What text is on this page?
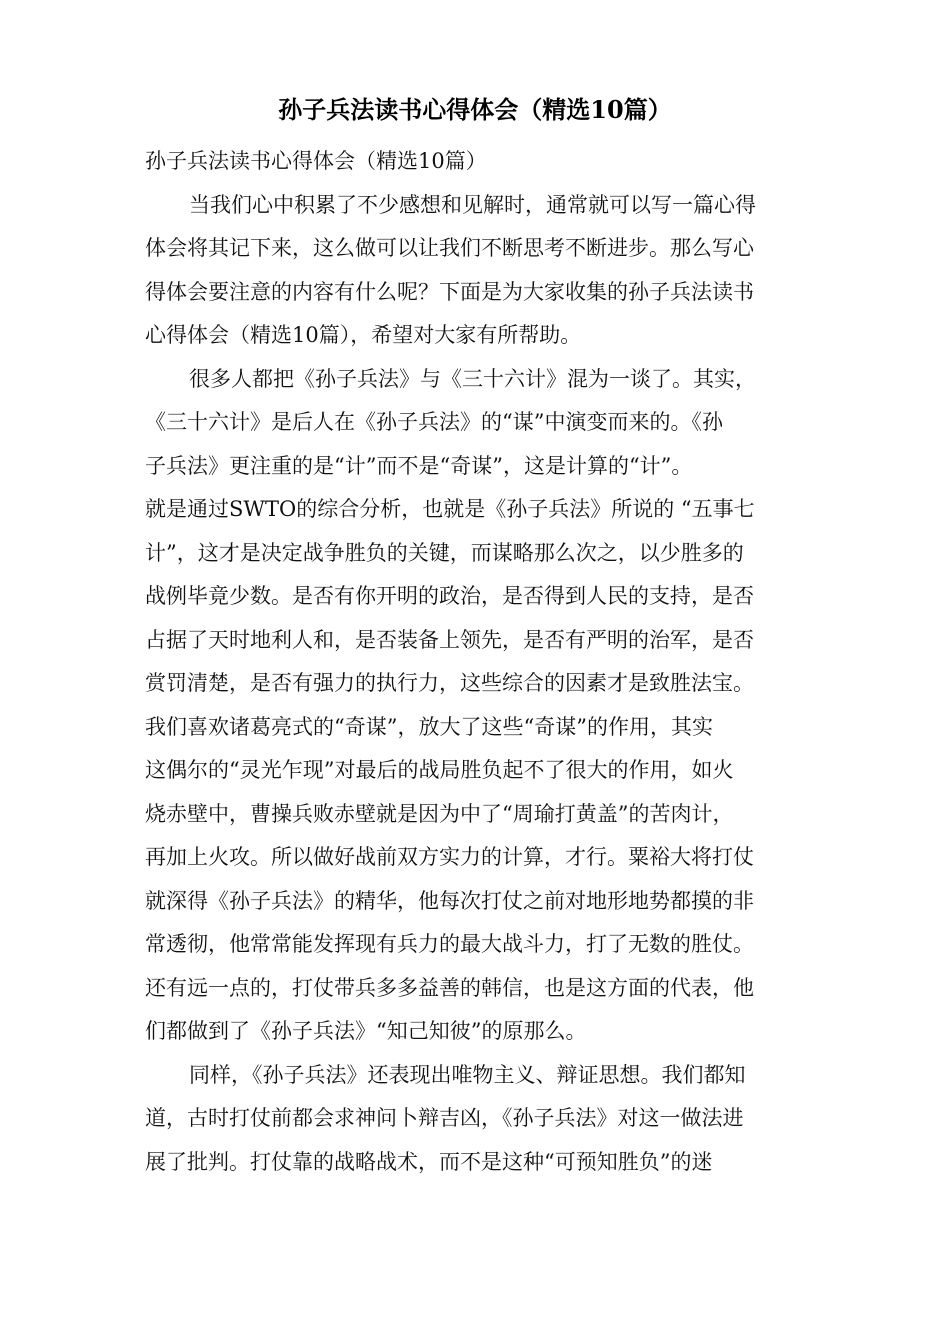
孙子兵法读书心得体会（精选10篇）

孙子兵法读书心得体会（精选10篇）

当我们心中积累了不少感想和见解时，通常就可以写一篇心得
体会将其记下来，这么做可以让我们不断思考不断进步。那么写心
得体会要注意的内容有什么呢？下面是为大家收集的孙子兵法读书
心得体会（精选10篇），希望对大家有所帮助。

很多人都把《孙子兵法》与《三十六计》混为一谈了。其实，
《三十六计》是后人在《孙子兵法》的“谋”中演变而来的。《孙
子兵法》更注重的是“计”而不是“奇谋”，这是计算的“计”。
就是通过SWTO的综合分析，也就是《孙子兵法》所说的 “五事七
计”，这才是决定战争胜负的关键，而谋略那么次之，以少胜多的
战例毕竟少数。是否有你开明的政治，是否得到人民的支持，是否
占据了天时地利人和，是否装备上领先，是否有严明的治军，是否
赏罚清楚，是否有强力的执行力，这些综合的因素才是致胜法宝。
我们喜欢诸葛亮式的“奇谋”，放大了这些“奇谋”的作用，其实
这偶尔的“灵光乍现”对最后的战局胜负起不了很大的作用，如火
烧赤壁中，曹操兵败赤壁就是因为中了“周瑜打黄盖”的苦肉计，
再加上火攻。所以做好战前双方实力的计算，才行。粟裕大将打仗
就深得《孙子兵法》的精华，他每次打仗之前对地形地势都摸的非
常透彻，他常常能发挥现有兵力的最大战斗力，打了无数的胜仗。
还有远一点的，打仗带兵多多益善的韩信，也是这方面的代表，他
们都做到了《孙子兵法》“知己知彼”的原那么。

同样，《孙子兵法》还表现出唯物主义、辩证思想。我们都知
道，古时打仗前都会求神问卜辩吉凶，《孙子兵法》对这一做法进
展了批判。打仗靠的战略战术，而不是这种“可预知胜负”的迷
